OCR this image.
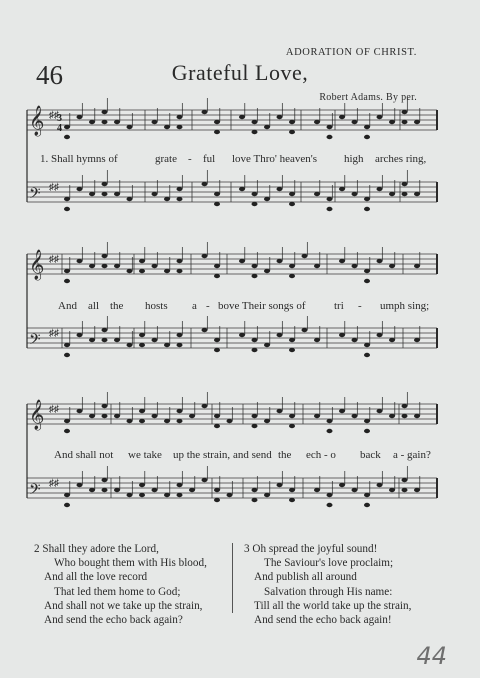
ADORATION OF CHRIST.
46	Grateful Love,
Robert Adams. By per.
𝄞 ♯♯
𝄢 ♯♯
𝄞 ♯♯
𝄢 ♯♯
𝄞 ♯♯
𝄢 ♯♯
3
4
1. Shall hymns of	grate - ful love Thro' heaven's high arches ring,
And all the hosts a - bove Their songs of	tri - umph sing;
And shall not we take up the strain, and send the ech - o back a - gain?
2 Shall they adore the Lord,
Who bought them with His blood,
And all the love record
That led them home to God;
And shall not we take up the strain,
And send the echo back again?
3 Oh spread the joyful sound!
The Saviour's love proclaim;
And publish all around
Salvation through His name:
Till all the world take up the strain,
And send the echo back again!
44
